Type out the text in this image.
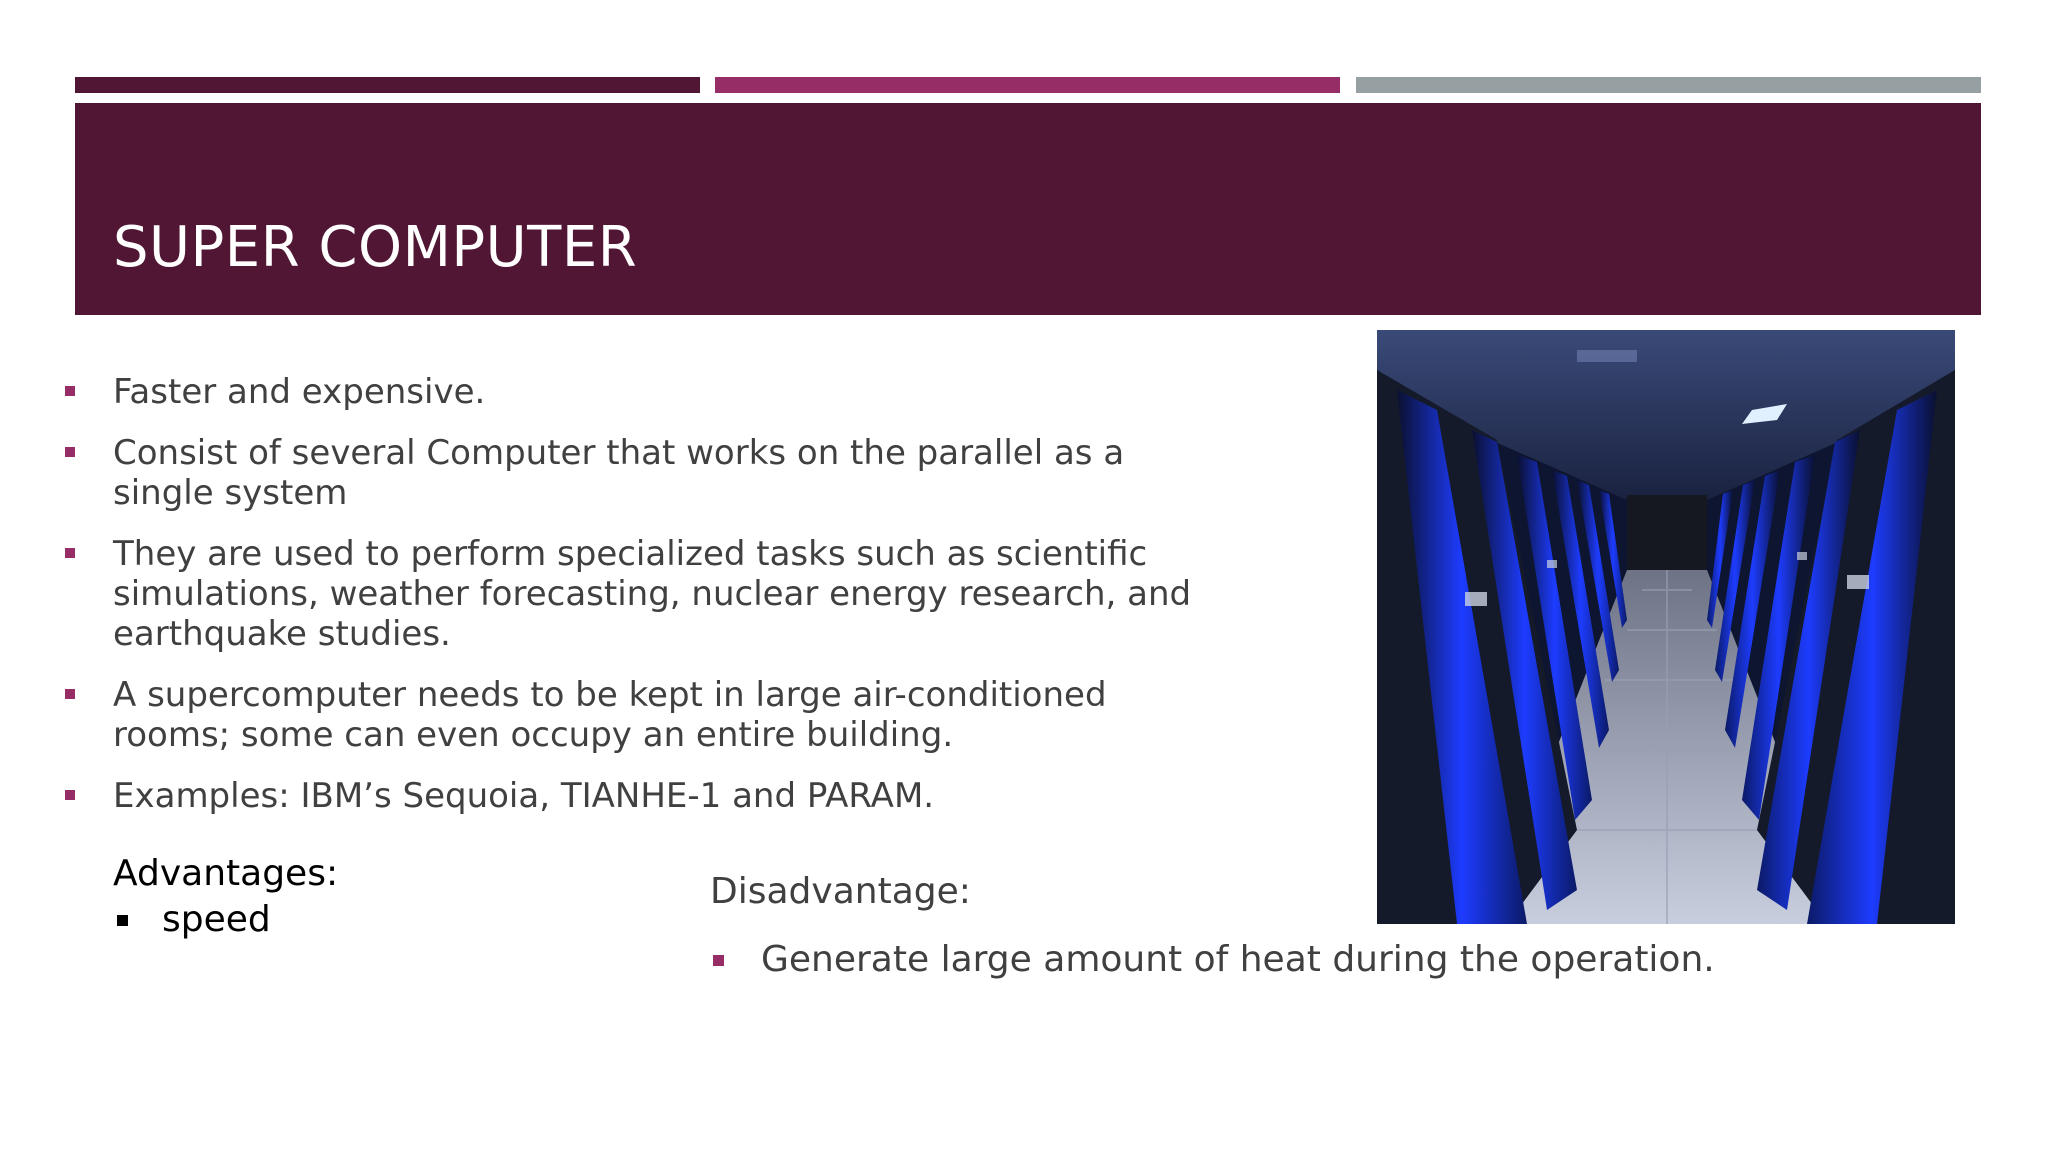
SUPER COMPUTER
Faster and expensive.
Consist of several Computer that works on the parallel as a single system
They are used to perform specialized tasks such as scientific simulations, weather forecasting, nuclear energy research, and earthquake studies.
A supercomputer needs to be kept in large air-conditioned rooms; some can even occupy an entire building.
Examples: IBM’s Sequoia, TIANHE-1 and PARAM.
Advantages:
speed
Disadvantage:
Generate large amount of heat during the operation.
